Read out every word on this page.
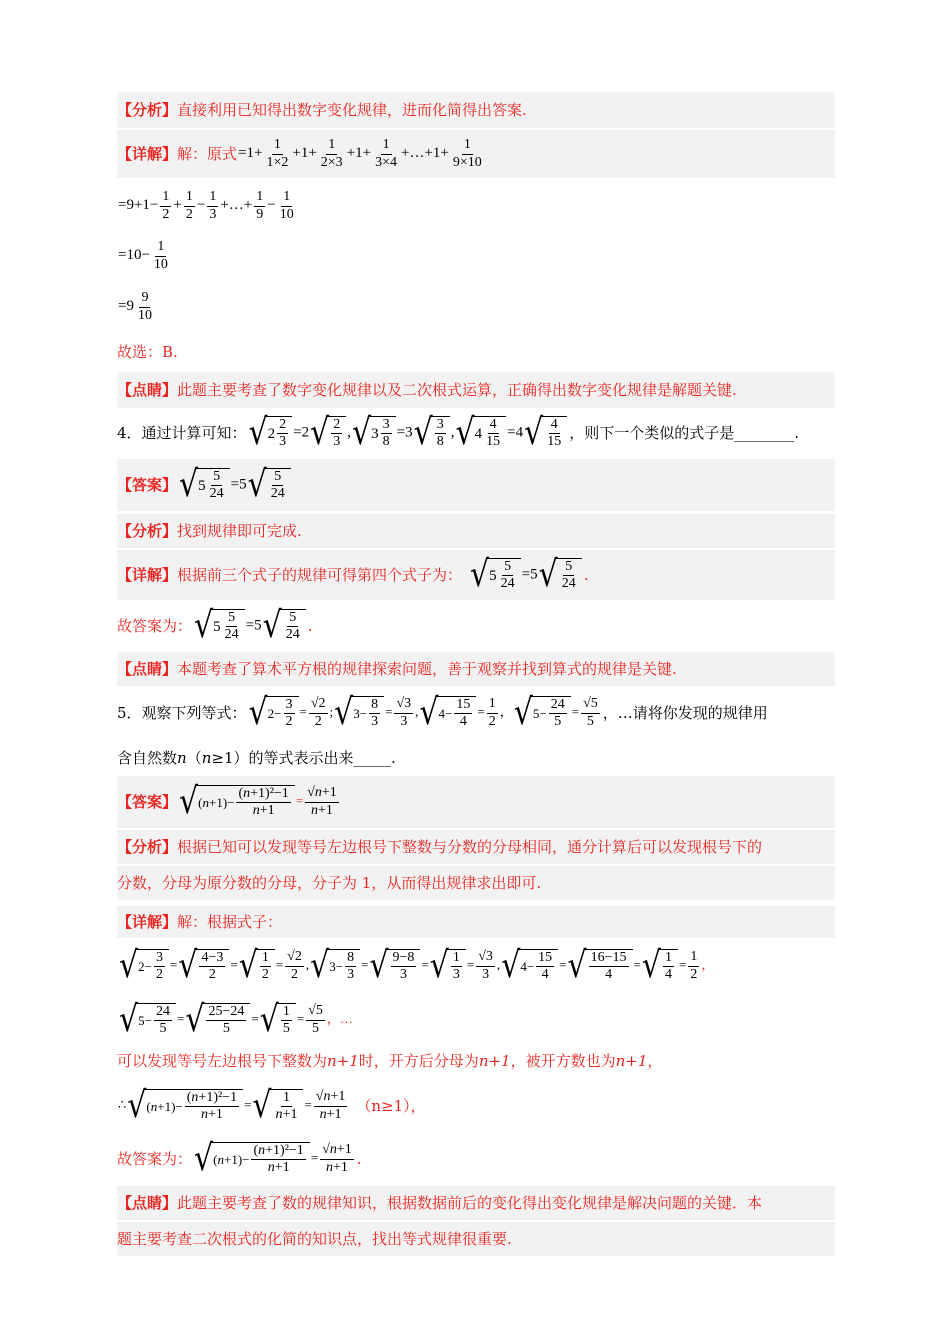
【分析】 直接利用已知得出数字变化规律，进而化简得出答案.
【详解】 解：原式 $=1+ \frac{1}{1\times 2} +1+ \frac{1}{2\times 3} +1+ \frac{1}{3\times 4}$ +…+1+ $\frac{1}{9\times 10}$
$=9+1- \frac{1}{2} + \frac{1}{2} - \frac{1}{3}$ +…+ $\frac{1}{9} - \frac{1}{10}$
$=10- \frac{1}{10}$
$=9 \frac{9}{10}$
故选：B.
【点睛】 此题主要考查了数字变化规律以及二次根式运算，正确得出数字变化规律是解题关键.
4．通过计算可知： √ $2 \frac{2}{3} =2$ √ $\frac{2}{3}$ , √ $3 \frac{3}{8} =3$ √ $\frac{3}{8}$ , √ $4 \frac{4}{15} =4$ √ $\frac{4}{15}$ ，则下一个类似的式子是________.
【答案】 √ $5 \frac{5}{24} =5$ √ $\frac{5}{24}$
【分析】 找到规律即可完成.
【详解】 根据前三个式子的规律可得第四个式子为： √ $5 \frac{5}{24} =5$ √ $\frac{5}{24}$ .
故答案为： √ $5 \frac{5}{24} =5$ √ $\frac{5}{24}$ .
【点睛】 本题考查了算术平方根的规律探索问题，善于观察并找到算式的规律是关键.
5．观察下列等式： √ $2- \frac{3}{2} = \frac{√2}{2}$ ; √ $3- \frac{8}{3} = \frac{√3}{3}$ , √ $4- \frac{15}{4} = \frac{1}{2}$ ， √ $5- \frac{24}{5} = \frac{√5}{5}$ ，…请将你发现的规律用
含自然数 n （ n ≥1）的等式表示出来_____.
【答案】 √ ( $n +1)- \frac{\text{(n+1)²−1}}{n+1} = \frac{√n+1}{n+1}$
【分析】 根据已知可以发现等号左边根号下整数与分数的分母相同，通分计算后可以发现根号下的
分数，分母为原分数的分母，分子为 1，从而得出规律求出即可.
【详解】 解：根据式子：
√ $2- \frac{3}{2}$ = √ $\frac{4-3}{2}$ = √ $\frac{1}{2} = \frac{√2}{2}$ , √ $3- \frac{8}{3}$ = √ $\frac{9-8}{3}$ = √ $\frac{1}{3} = \frac{√3}{3}$ , √ $4- \frac{15}{4}$ = √ $\frac{16-15}{4}$ = √ $\frac{1}{4} = \frac{1}{2}$ ，
√ $5- \frac{24}{5}$ = √ $\frac{25-24}{5}$ = √ $\frac{1}{5} = \frac{√5}{5}$ ，…
可以发现等号左边根号下整数为 n+1 时，开方后分母为 n+1 ，被开方数也为 n+1 ，
∴ √ ( $n +1)- \frac{\text{(n+1)²−1}}{n+1}$ = √ $\frac{1}{n+1} = \frac{√n+1}{n+1} (n\ge 1)$，
故答案为： √ ( $n +1)- \frac{\text{(n+1)²−1}}{n+1} = \frac{√n+1}{n+1}$ .
【点睛】 此题主要考查了数的规律知识，根据数据前后的变化得出变化规律是解决问题的关键．本
题主要考查二次根式的化简的知识点，找出等式规律很重要.
